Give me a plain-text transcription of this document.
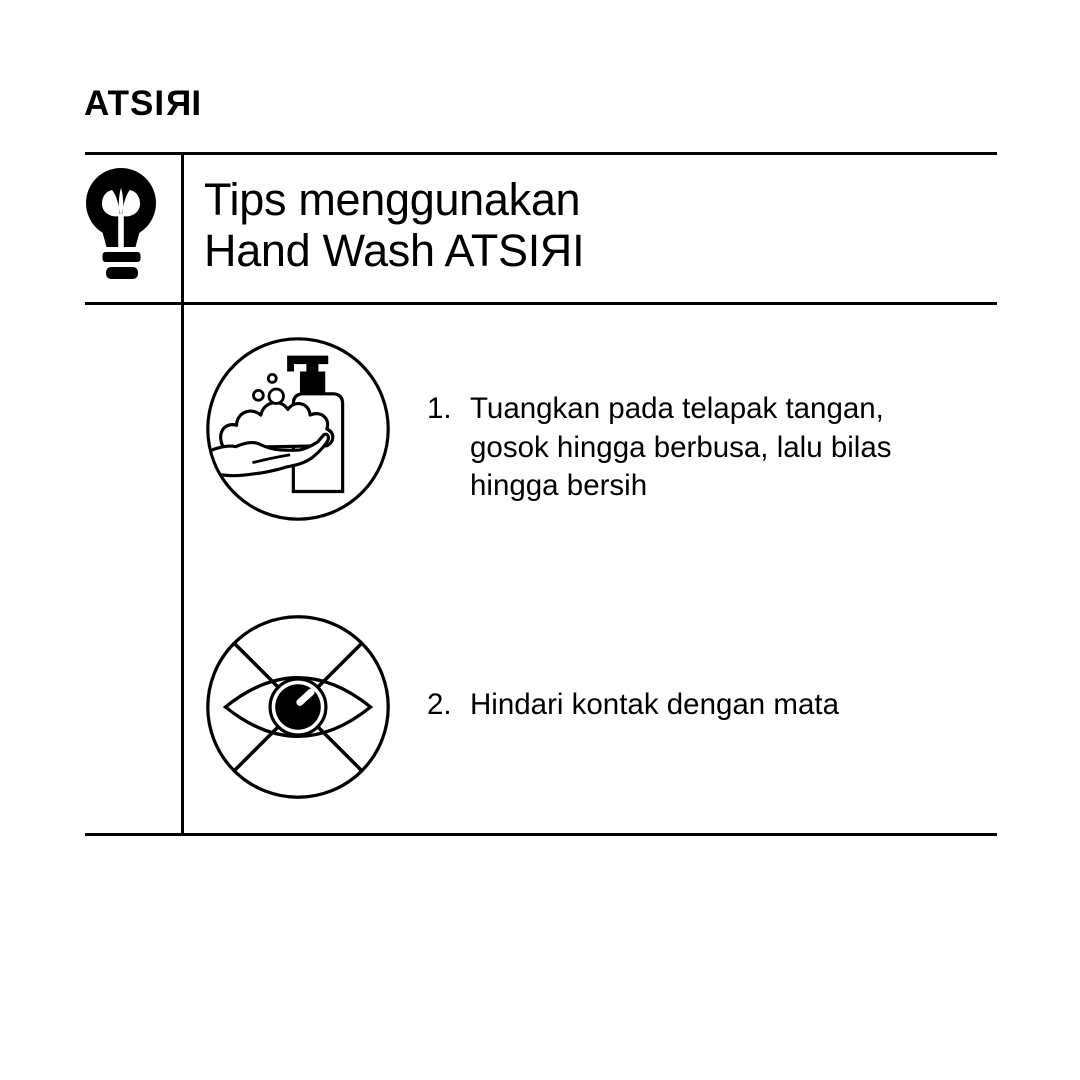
ATSIRI
Tips menggunakan
Hand Wash ATSIRI
1. Tuangkan pada telapak tangan,
gosok hingga berbusa, lalu bilas
hingga bersih
2. Hindari kontak dengan mata
